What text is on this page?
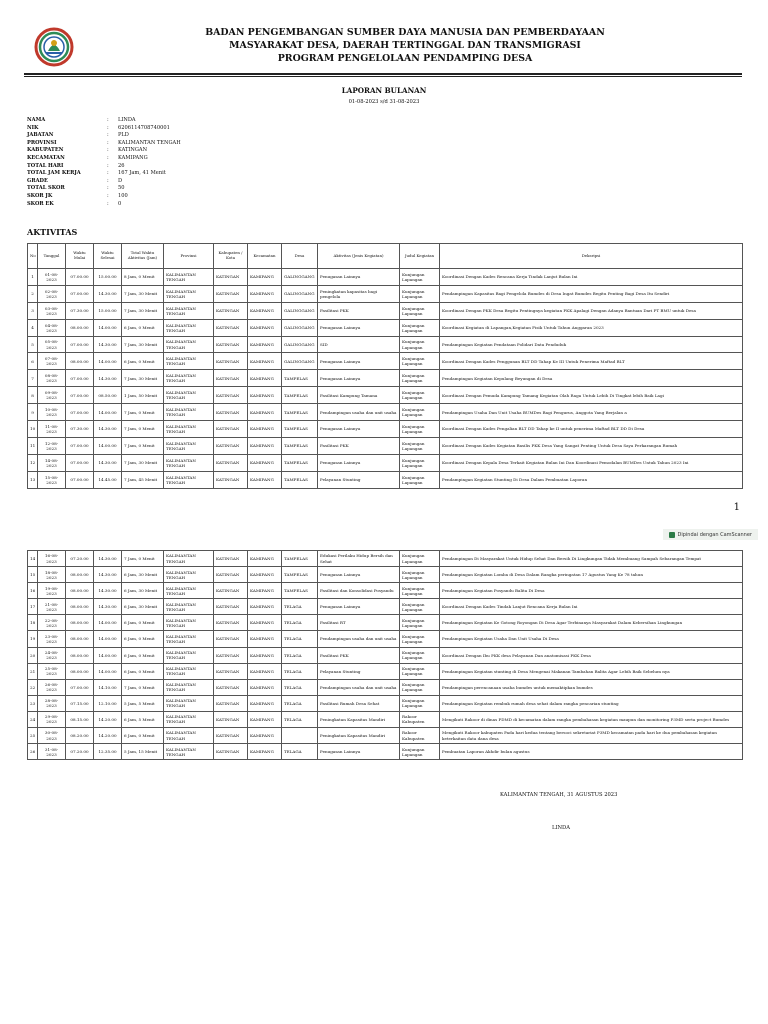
BADAN PENGEMBANGAN SUMBER DAYA MANUSIA DAN PEMBERDAYAAN
MASYARAKAT DESA, DAERAH TERTINGGAL DAN TRANSMIGRASI
PROGRAM PENGELOLAAN PENDAMPING DESA
LAPORAN BULANAN
01-08-2023 s/d 31-08-2023
NAMA	: LINDA
NIK	: 6206114708740001
JABATAN	: PLD
PROVINSI	: KALIMANTAN TENGAH
KABUPATEN	: KATINGAN
KECAMATAN	: KAMIPANG
TOTAL HARI	: 26
TOTAL JAM KERJA	: 167 Jam, 41 Menit
GRADE	: D
TOTAL SKOR	: 50
SKOR JK	: 100
SKOR EK	: 0
AKTIVITAS
No	Tanggal	Waktu Mulai	Waktu Selesai	Total Waktu Aktivitas (Jam)	Provinsi	Kabupaten / Kota	Kecamatan	Desa	Aktivitas (Jenis Kegiatan)	Judul Kegiatan	Deksripsi
1	01-08-2023	07.00.00	15.00.00	8 Jam, 0 Menit	KALIMANTAN TENGAH	KATINGAN	KAMIPANG	GALINGGANG	Penugasan Lainnya	Kunjungan Lapangan	Koordinasi Dengan Kades Rencana Kerja Tindak Lanjut Bulan Ini
2	02-08-2023	07.00.00	14.30.00	7 Jam, 30 Menit	KALIMANTAN TENGAH	KATINGAN	KAMIPANG	GALINGGANG	Peningkatan kapasitas bagi pengelola	Kunjungan Lapangan	Pendampingan Kapasitas Bagi Pengelola Bumdes di Desa Ingat Bumdes Begitu Penting Bagi Desa Itu Sendiri
3	03-08-2023	07.30.00	15.00.00	7 Jam, 30 Menit	KALIMANTAN TENGAH	KATINGAN	KAMIPANG	GALINGGANG	Fasilitasi PKK	Kunjungan Lapangan	Koordinasi Dengan PKK Desa Begitu Pentingnya kegiatan PKK Apalagi Dengan Adanya Bantuan Dari PT BMU untuk Desa
4	04-08-2023	08.00.00	14.00.00	6 Jam, 0 Menit	KALIMANTAN TENGAH	KATINGAN	KAMIPANG	GALINGGANG	Penugasan Lainnya	Kunjungan Lapangan	Koordinasi Kegiatan di Lapangan,Kegiatan Fisik Untuk Tahun Anggaran 2023
5	05-08-2023	07.00.00	14.30.00	7 Jam, 30 Menit	KALIMANTAN TENGAH	KATINGAN	KAMIPANG	GALINGGANG	SID	Kunjungan Lapangan	Pendampingan Kegiatan Pendataan Polidari Data Penduduk
6	07-08-2023	08.00.00	14.00.00	6 Jam, 0 Menit	KALIMANTAN TENGAH	KATINGAN	KAMIPANG	GALINGGANG	Penugasan Lainnya	Kunjungan Lapangan	Koordinasi Dengan Kades Penggunan BLT DD Tahap Ke III Untuk Penerima Maftad BLT
7	08-08-2023	07.00.00	14.30.00	7 Jam, 30 Menit	KALIMANTAN TENGAH	KATINGAN	KAMIPANG	TAMPELAS	Penugasan Lainnya	Kunjungan Lapangan	Pendampingan Kegiatan Kepulang Beyungan di Desa
8	09-08-2023	07.00.00	08.50.00	1 Jam, 50 Menit	KALIMANTAN TENGAH	KATINGAN	KAMIPANG	TAMPELAS	Fasilitasi Kampung Tamana	Kunjungan Lapangan	Koordinasi Dengan Pemuda Kampung Tamang Kegiatan Olah Raga Untuk Lebih Di Tingkat lebih Baik Lagi
9	10-08-2023	07.00.00	14.00.00	7 Jam, 0 Menit	KALIMANTAN TENGAH	KATINGAN	KAMIPANG	TAMPELAS	Pendampingan usaha dan unit usaha	Kunjungan Lapangan	Pendampingan Usaha Dan Unit Usaha BUMDes Bagi Pengurus, Anggota Yang Berjalan a
10	11-08-2023	07.30.00	14.30.00	7 Jam, 0 Menit	KALIMANTAN TENGAH	KATINGAN	KAMIPANG	TAMPELAS	Penugasan Lainnya	Kunjungan Lapangan	Koordinasi Dengan Kades Pengalian BLT DD Tahap ke II untuk penerima Maftad BLT DD Di Desa
11	12-08-2023	07.00.00	14.00.00	7 Jam, 0 Menit	KALIMANTAN TENGAH	KATINGAN	KAMIPANG	TAMPELAS	Fasilitasi PKK	Kunjungan Lapangan	Koordinasi Dengan Kades Kegiatan Basilis PKK Desa Yang Sangat Penting Untuk Desa Saya Perkarangan Rumah
12	14-08-2023	07.00.00	14.30.00	7 Jam, 30 Menit	KALIMANTAN TENGAH	KATINGAN	KAMIPANG	TAMPELAS	Penugasan Lainnya	Kunjungan Lapangan	Koordinasi Dengan Kepala Desa Terkait Kegiatan Bulan Ini Dan Koordinasi Pemodalan BUMDes Untuk Tahun 2023 Ini
13	15-08-2023	07.00.00	14.45.00	7 Jam, 45 Menit	KALIMANTAN TENGAH	KATINGAN	KAMIPANG	TAMPELAS	Pelayanan Stunting	Kunjungan Lapangan	Pendampingan Kegiatan Stunting Di Desa Dalam Pembuatan Laporan
1
Dipindai dengan CamScanner
14	16-08-2023	07.20.00	14.30.00	7 Jam, 0 Menit	KALIMANTAN TENGAH	KATINGAN	KAMIPANG	TAMPELAS	Edukasi Perilaku Hidup Bersih dan Sehat	Kunjungan Lapangan	Pendampingan Di Masyarakat Untuk Hidup Sehat Dan Bersih Di Lingkungan Tidak Membuang Sampah Sebarangan Tempat
15	18-08-2023	08.00.00	14.30.00	6 Jam, 30 Menit	KALIMANTAN TENGAH	KATINGAN	KAMIPANG	TAMPELAS	Penugasan Lainnya	Kunjungan Lapangan	Pendampingan Kegiatan Lomba di Desa Dalam Rangka peringatan 17 Agustus Yang Ke 78 tahun
16	19-08-2023	08.00.00	14.30.00	6 Jam, 30 Menit	KALIMANTAN TENGAH	KATINGAN	KAMIPANG	TAMPELAS	Fasilitasi dan Konsolidasi Posyandu	Kunjungan Lapangan	Pendampingan Kegiatan Posyandu Balita Di Desa
17	21-08-2023	08.00.00	14.30.00	6 Jam, 30 Menit	KALIMANTAN TENGAH	KATINGAN	KAMIPANG	TELAGA	Penugasan Lainnya	Kunjungan Lapangan	Koordinasi Dengan Kades Tindak Lanjut Rencana Kerja Bulan Ini
18	22-08-2023	08.00.00	14.00.00	6 Jam, 0 Menit	KALIMANTAN TENGAH	KATINGAN	KAMIPANG	TELAGA	Fasilitasi RT	Kunjungan Lapangan	Pendampingan Kegiatan Ke Gotong Royongan Di Desa Agar Terbinanya Masyarakat Dalam Kebersihan Lingkungan
19	23-08-2023	08.00.00	14.00.00	6 Jam, 0 Menit	KALIMANTAN TENGAH	KATINGAN	KAMIPANG	TELAGA	Pendampingan usaha dan unit usaha	Kunjungan Lapangan	Pendampingan Kegiatan Usaha Dan Unit Usaha Di Desa
20	24-08-2023	08.00.00	14.00.00	6 Jam, 0 Menit	KALIMANTAN TENGAH	KATINGAN	KAMIPANG	TELAGA	Fasilitasi PKK	Kunjungan Lapangan	Koordinasi Dengan Ibu PKK desa Pelayanan Dan anatomisasi PKK Desa
21	25-08-2023	08.00.00	14.00.00	6 Jam, 0 Menit	KALIMANTAN TENGAH	KATINGAN	KAMIPANG	TELAGA	Pelayanan Stunting	Kunjungan Lapangan	Pendampingan Kegiatan stunting di Desa Mengenai Makanan Tambahan Balita Agar Lebih Baik Sebelum nya
22	26-08-2023	07.00.00	14.10.00	7 Jam, 0 Menit	KALIMANTAN TENGAH	KATINGAN	KAMIPANG	TELAGA	Pendampingan usaha dan unit usaha	Kunjungan Lapangan	Pendampingan perencanaan usaha bumdes untuk memaktipkan bumdes
23	28-08-2023	07.15.00	12.10.00	5 Jam, 5 Menit	KALIMANTAN TENGAH	KATINGAN	KAMIPANG	TELAGA	Fasilitasi Rumah Desa Sehat	Kunjungan Lapangan	Pendampingan Kegiatan rembuk rumah desa sehat dalam rangka pencarian stunting
24	29-08-2023	08.15.00	14.20.00	6 Jam, 5 Menit	KALIMANTAN TENGAH	KATINGAN	KAMIPANG	TELAGA	Peningkatan Kapasitas Mandiri	Rakoor Kabupaten	Mengikuti Rakoor di dinas PDMD di kecamatan dalam rangka pembahasan kegiatan maupun dan monitoring P3MD serta project Bumdes
25	30-08-2023	08.20.00	14.20.00	6 Jam, 0 Menit	KALIMANTAN TENGAH	KATINGAN	KAMIPANG		Peningkatan Kapasitas Mandiri	Rakoor Kabupaten	Mengikuti Rakoor kabupaten Pada hari kedua tentang bersoci sekretariat P3MD kecamatan pada hari ke dua pembahasan kegiatan keterkaitan data dana desa
26	31-08-2023	07.20.00	12.35.00	5 Jam, 15 Menit	KALIMANTAN TENGAH	KATINGAN	KAMIPANG	TELAGA	Penugasan Lainnya	Kunjungan Lapangan	Pembuatan Laporan Akhdir bulan agustus
KALIMANTAN TENGAH, 31 AGUSTUS 2023
LINDA
